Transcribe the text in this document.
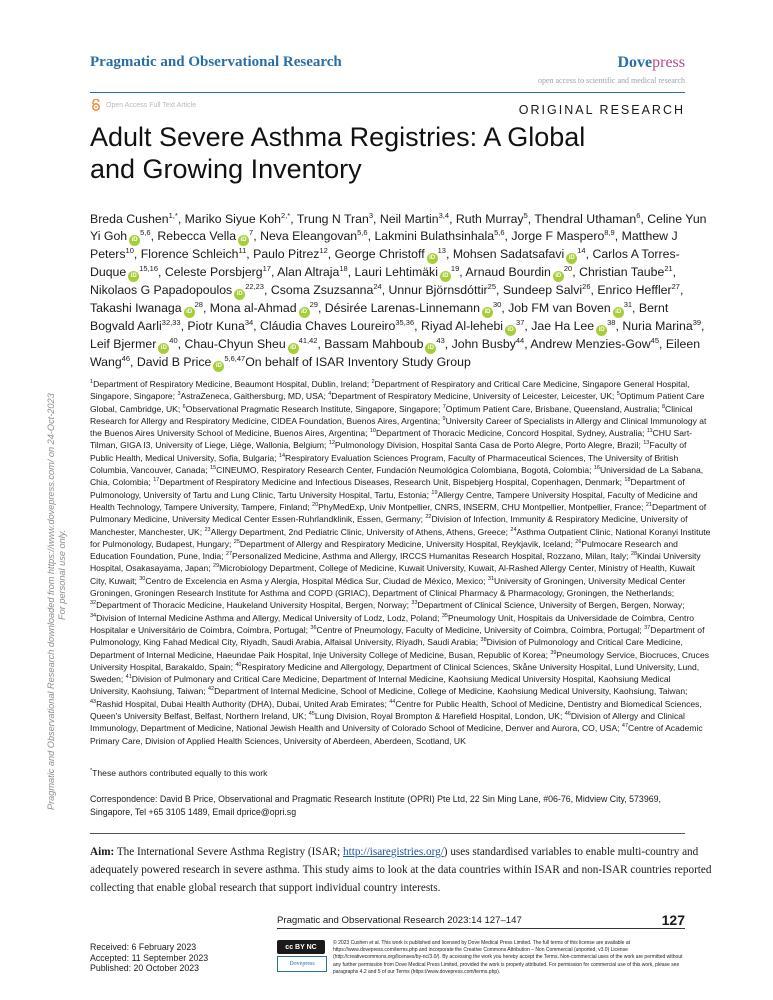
Pragmatic and Observational Research	Dovepress
open access to scientific and medical research
Open Access Full Text Article	ORIGINAL RESEARCH
Adult Severe Asthma Registries: A Global and Growing Inventory

Breda Cushen$^{1,*}$, Mariko Siyue Koh$^{2,*}$, Trung N Tran$^3$, Neil Martin$^{3,4}$, Ruth Murray$^5$, Thendral Uthaman$^6$, Celine Yun Yi Goh iD$^{5,6}$, Rebecca Vella $iD^7$, Neva Eleangovan$^{5,6}$, Lakmini Bulathsinhala$^{5,6}$, Jorge F Maspero$^{8,9}$, Matthew J Peters$^{10}$, Florence Schleich$^{11}$, Paulo Pitrez$^{12}$, George Christoff $iD^{13}$, Mohsen Sadatsafavi $iD^{14}$, Carlos A Torres-Duque iD$^{15,16}$, Celeste Porsbjerg$^{17}$, Alan Altraja$^{18}$, Lauri Lehtimäki $iD^{19}$, Arnaud Bourdin $iD^{20}$, Christian Taube$^{21}$, Nikolaos G Papadopoulos iD$^{22,23}$, Csoma Zsuzsanna$^{24}$, Unnur Björnsdóttir$^{25}$, Sundeep Salvi$^{26}$, Enrico Heffler$^{27}$, Takashi Iwanaga $iD^{28}$, Mona al-Ahmad $iD^{29}$, Désirée Larenas-Linnemann $iD^{30}$, Job FM van Boven $iD^{31}$, Bernt Bogvald Aarli$^{32,33}$, Piotr Kuna$^{34}$, Cláudia Chaves Loureiro$^{35,36}$, Riyad Al-lehebi $iD^{37}$, Jae Ha Lee $iD^{38}$, Nuria Marina$^{39}$, Leif Bjermer $iD^{40}$, Chau-Chyun Sheu iD$^{41,42}$, Bassam Mahboub $iD^{43}$, John Busby$^{44}$, Andrew Menzies-Gow$^{45}$, Eileen Wang$^{46}$, David B Price iD$^{5,6,47}$On behalf of ISAR Inventory Study Group

$^1$Department of Respiratory Medicine, Beaumont Hospital, Dublin, Ireland; $^2$Department of Respiratory and Critical Care Medicine, Singapore General Hospital, Singapore, Singapore; $^3$AstraZeneca, Gaithersburg, MD, USA; $^4$Department of Respiratory Medicine, University of Leicester, Leicester, UK; $^5$Optimum Patient Care Global, Cambridge, UK; $^6$Observational Pragmatic Research Institute, Singapore, Singapore; $^7$Optimum Patient Care, Brisbane, Queensland, Australia; $^8$Clinical Research for Allergy and Respiratory Medicine, CIDEA Foundation, Buenos Aires, Argentina; $^9$University Career of Specialists in Allergy and Clinical Immunology at the Buenos Aires University School of Medicine, Buenos Aires, Argentina; $^{10}$Department of Thoracic Medicine, Concord Hospital, Sydney, Australia; $^{11}$CHU Sart-Tilman, GIGA I3, University of Liege, Liège, Wallonia, Belgium; $^{12}$Pulmonology Division, Hospital Santa Casa de Porto Alegre, Porto Alegre, Brazil; $^{13}$Faculty of Public Health, Medical University, Sofia, Bulgaria; $^{14}$Respiratory Evaluation Sciences Program, Faculty of Pharmaceutical Sciences, The University of British Columbia, Vancouver, Canada; $^{15}$CINEUMO, Respiratory Research Center, Fundación Neumológica Colombiana, Bogotá, Colombia; $^{16}$Universidad de La Sabana, Chia, Colombia; $^{17}$Department of Respiratory Medicine and Infectious Diseases, Research Unit, Bispebjerg Hospital, Copenhagen, Denmark; $^{18}$Department of Pulmonology, University of Tartu and Lung Clinic, Tartu University Hospital, Tartu, Estonia; $^{19}$Allergy Centre, Tampere University Hospital, Faculty of Medicine and Health Technology, Tampere University, Tampere, Finland; $^{20}$PhyMedExp, Univ Montpellier, CNRS, INSERM, CHU Montpellier, Montpellier, France; $^{21}$Department of Pulmonary Medicine, University Medical Center Essen-Ruhrlandklinik, Essen, Germany; $^{22}$Division of Infection, Immunity & Respiratory Medicine, University of Manchester, Manchester, UK; $^{23}$Allergy Department, 2nd Pediatric Clinic, University of Athens, Athens, Greece; $^{24}$Asthma Outpatient Clinic, National Koranyi Institute for Pulmonology, Budapest, Hungary; $^{25}$Department of Allergy and Respiratory Medicine, University Hospital, Reykjavik, Iceland; $^{26}$Pulmocare Research and Education Foundation, Pune, India; $^{27}$Personalized Medicine, Asthma and Allergy, IRCCS Humanitas Research Hospital, Rozzano, Milan, Italy; $^{28}$Kindai University Hospital, Osakasayama, Japan; $^{29}$Microbiology Department, College of Medicine, Kuwait University, Kuwait, Al-Rashed Allergy Center, Ministry of Health, Kuwait City, Kuwait; $^{30}$Centro de Excelencia en Asma y Alergia, Hospital Médica Sur, Ciudad de México, Mexico; $^{31}$University of Groningen, University Medical Center Groningen, Groningen Research Institute for Asthma and COPD (GRIAC), Department of Clinical Pharmacy & Pharmacology, Groningen, the Netherlands; $^{32}$Department of Thoracic Medicine, Haukeland University Hospital, Bergen, Norway; $^{33}$Department of Clinical Science, University of Bergen, Bergen, Norway; $^{34}$Division of Internal Medicine Asthma and Allergy, Medical University of Lodz, Lodz, Poland; $^{35}$Pneumology Unit, Hospitais da Universidade de Coimbra, Centro Hospitalar e Universitário de Coimbra, Coimbra, Portugal; $^{36}$Centre of Pneumology, Faculty of Medicine, University of Coimbra, Coimbra, Portugal; $^{37}$Department of Pulmonology, King Fahad Medical City, Riyadh, Saudi Arabia, Alfaisal University, Riyadh, Saudi Arabia; $^{38}$Division of Pulmonology and Critical Care Medicine, Department of Internal Medicine, Haeundae Paik Hospital, Inje University College of Medicine, Busan, Republic of Korea; $^{39}$Pneumology Service, Biocruces, Cruces University Hospital, Barakaldo, Spain; $^{40}$Respiratory Medicine and Allergology, Department of Clinical Sciences, Skåne University Hospital, Lund University, Lund, Sweden; $^{41}$Division of Pulmonary and Critical Care Medicine, Department of Internal Medicine, Kaohsiung Medical University Hospital, Kaohsiung Medical University, Kaohsiung, Taiwan; $^{42}$Department of Internal Medicine, School of Medicine, College of Medicine, Kaohsiung Medical University, Kaohsiung, Taiwan; $^{43}$Rashid Hospital, Dubai Health Authority (DHA), Dubai, United Arab Emirates; $^{44}$Centre for Public Health, School of Medicine, Dentistry and Biomedical Sciences, Queen's University Belfast, Belfast, Northern Ireland, UK; $^{45}$Lung Division, Royal Brompton & Harefield Hospital, London, UK; $^{46}$Division of Allergy and Clinical Immunology, Department of Medicine, National Jewish Health and University of Colorado School of Medicine, Denver and Aurora, CO, USA; $^{47}$Centre of Academic Primary Care, Division of Applied Health Sciences, University of Aberdeen, Aberdeen, Scotland, UK

*These authors contributed equally to this work

Correspondence: David B Price, Observational and Pragmatic Research Institute (OPRI) Pte Ltd, 22 Sin Ming Lane, #06-76, Midview City, 573969, Singapore, Tel +65 3105 1489, Email dprice@opri.sg

Aim: The International Severe Asthma Registry (ISAR; http://isaregistries.org/) uses standardised variables to enable multi-country and adequately powered research in severe asthma. This study aims to look at the data countries within ISAR and non-ISAR countries reported collecting that enable global research that support individual country interests.

Pragmatic and Observational Research 2023:14 127–147	127
Received: 6 February 2023
Accepted: 11 September 2023
Published: 20 October 2023
cc BY NC
Dovepress
© 2023 Cushen et al. This work is published and licensed by Dove Medical Press Limited. The full terms of this license are available at https://www.dovepress.com/terms.php and incorporate the Creative Commons Attribution – Non Commercial (unported, v3.0) License (http://creativecommons.org/licenses/by-nc/3.0/). By accessing the work you hereby accept the Terms. Non-commercial uses of the work are permitted without any further permission from Dove Medical Press Limited, provided the work is properly attributed. For permission for commercial use of this work, please see paragraphs 4.2 and 5 of our Terms (https://www.dovepress.com/terms.php).
Pragmatic and Observational Research downloaded from https://www.dovepress.com/ on 24-Oct-2023 For personal use only.
